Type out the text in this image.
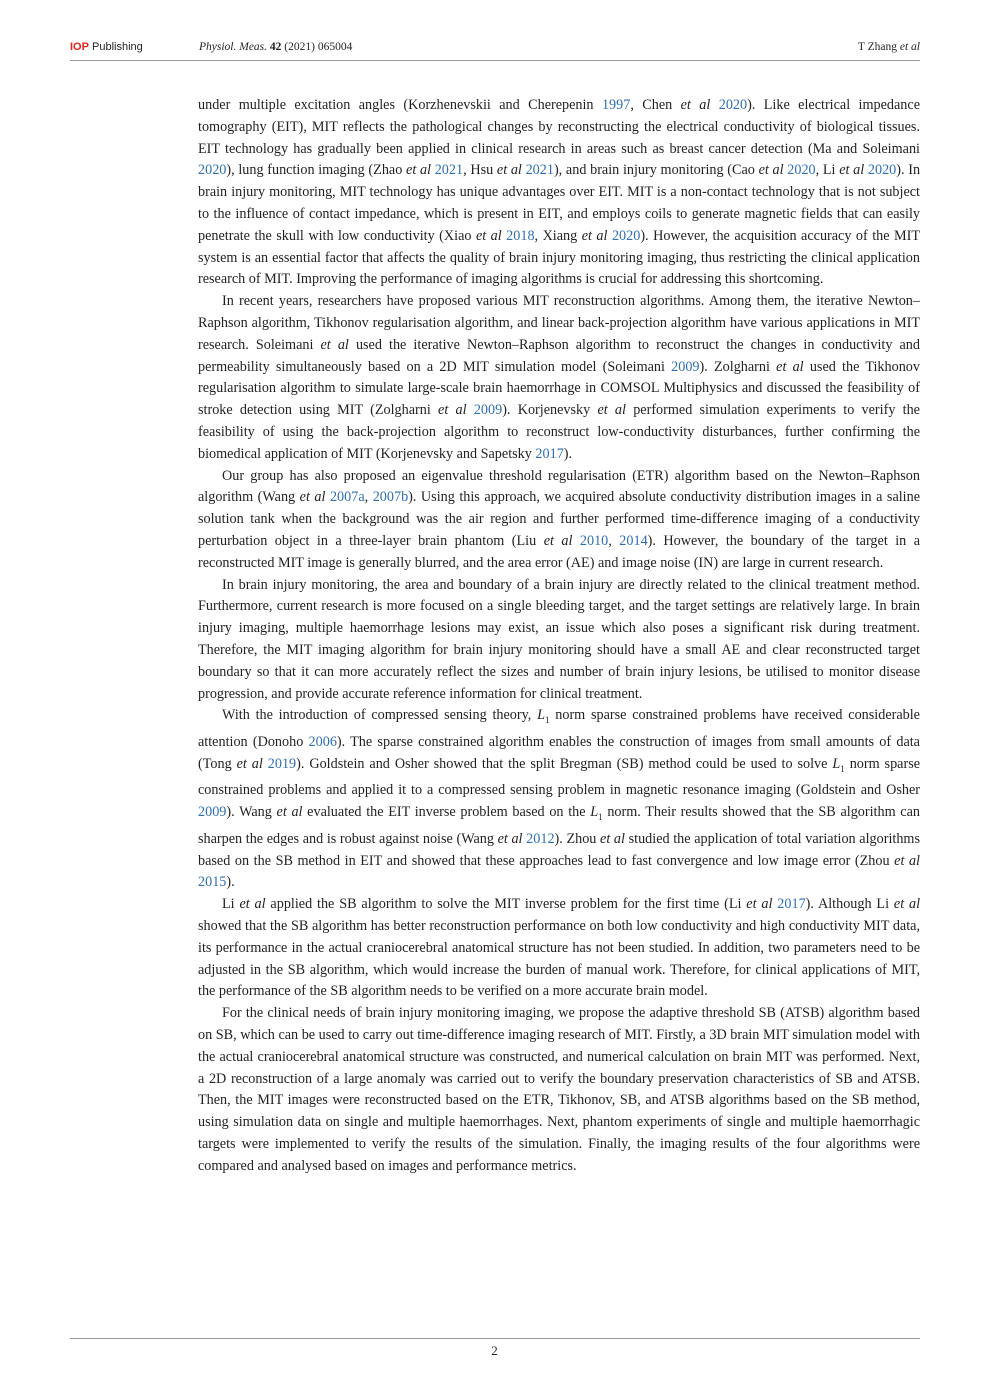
IOP Publishing	Physiol. Meas. 42 (2021) 065004	T Zhang et al

under multiple excitation angles (Korzhenevskii and Cherepenin 1997, Chen et al 2020). Like electrical impedance tomography (EIT), MIT reflects the pathological changes by reconstructing the electrical conductivity of biological tissues. EIT technology has gradually been applied in clinical research in areas such as breast cancer detection (Ma and Soleimani 2020), lung function imaging (Zhao et al 2021, Hsu et al 2021), and brain injury monitoring (Cao et al 2020, Li et al 2020). In brain injury monitoring, MIT technology has unique advantages over EIT. MIT is a non-contact technology that is not subject to the influence of contact impedance, which is present in EIT, and employs coils to generate magnetic fields that can easily penetrate the skull with low conductivity (Xiao et al 2018, Xiang et al 2020). However, the acquisition accuracy of the MIT system is an essential factor that affects the quality of brain injury monitoring imaging, thus restricting the clinical application research of MIT. Improving the performance of imaging algorithms is crucial for addressing this shortcoming.

In recent years, researchers have proposed various MIT reconstruction algorithms. Among them, the iterative Newton–Raphson algorithm, Tikhonov regularisation algorithm, and linear back-projection algorithm have various applications in MIT research. Soleimani et al used the iterative Newton–Raphson algorithm to reconstruct the changes in conductivity and permeability simultaneously based on a 2D MIT simulation model (Soleimani 2009). Zolgharni et al used the Tikhonov regularisation algorithm to simulate large-scale brain haemorrhage in COMSOL Multiphysics and discussed the feasibility of stroke detection using MIT (Zolgharni et al 2009). Korjenevsky et al performed simulation experiments to verify the feasibility of using the back-projection algorithm to reconstruct low-conductivity disturbances, further confirming the biomedical application of MIT (Korjenevsky and Sapetsky 2017).

Our group has also proposed an eigenvalue threshold regularisation (ETR) algorithm based on the Newton–Raphson algorithm (Wang et al 2007a, 2007b). Using this approach, we acquired absolute conductivity distribution images in a saline solution tank when the background was the air region and further performed time-difference imaging of a conductivity perturbation object in a three-layer brain phantom (Liu et al 2010, 2014). However, the boundary of the target in a reconstructed MIT image is generally blurred, and the area error (AE) and image noise (IN) are large in current research.

In brain injury monitoring, the area and boundary of a brain injury are directly related to the clinical treatment method. Furthermore, current research is more focused on a single bleeding target, and the target settings are relatively large. In brain injury imaging, multiple haemorrhage lesions may exist, an issue which also poses a significant risk during treatment. Therefore, the MIT imaging algorithm for brain injury monitoring should have a small AE and clear reconstructed target boundary so that it can more accurately reflect the sizes and number of brain injury lesions, be utilised to monitor disease progression, and provide accurate reference information for clinical treatment.

With the introduction of compressed sensing theory, $L_1$ norm sparse constrained problems have received considerable attention (Donoho 2006). The sparse constrained algorithm enables the construction of images from small amounts of data (Tong et al 2019). Goldstein and Osher showed that the split Bregman (SB) method could be used to solve $L_1$ norm sparse constrained problems and applied it to a compressed sensing problem in magnetic resonance imaging (Goldstein and Osher 2009). Wang et al evaluated the EIT inverse problem based on the $L_1$ norm. Their results showed that the SB algorithm can sharpen the edges and is robust against noise (Wang et al 2012). Zhou et al studied the application of total variation algorithms based on the SB method in EIT and showed that these approaches lead to fast convergence and low image error (Zhou et al 2015).

Li et al applied the SB algorithm to solve the MIT inverse problem for the first time (Li et al 2017). Although Li et al showed that the SB algorithm has better reconstruction performance on both low conductivity and high conductivity MIT data, its performance in the actual craniocerebral anatomical structure has not been studied. In addition, two parameters need to be adjusted in the SB algorithm, which would increase the burden of manual work. Therefore, for clinical applications of MIT, the performance of the SB algorithm needs to be verified on a more accurate brain model.

For the clinical needs of brain injury monitoring imaging, we propose the adaptive threshold SB (ATSB) algorithm based on SB, which can be used to carry out time-difference imaging research of MIT. Firstly, a 3D brain MIT simulation model with the actual craniocerebral anatomical structure was constructed, and numerical calculation on brain MIT was performed. Next, a 2D reconstruction of a large anomaly was carried out to verify the boundary preservation characteristics of SB and ATSB. Then, the MIT images were reconstructed based on the ETR, Tikhonov, SB, and ATSB algorithms based on the SB method, using simulation data on single and multiple haemorrhages. Next, phantom experiments of single and multiple haemorrhagic targets were implemented to verify the results of the simulation. Finally, the imaging results of the four algorithms were compared and analysed based on images and performance metrics.

2
